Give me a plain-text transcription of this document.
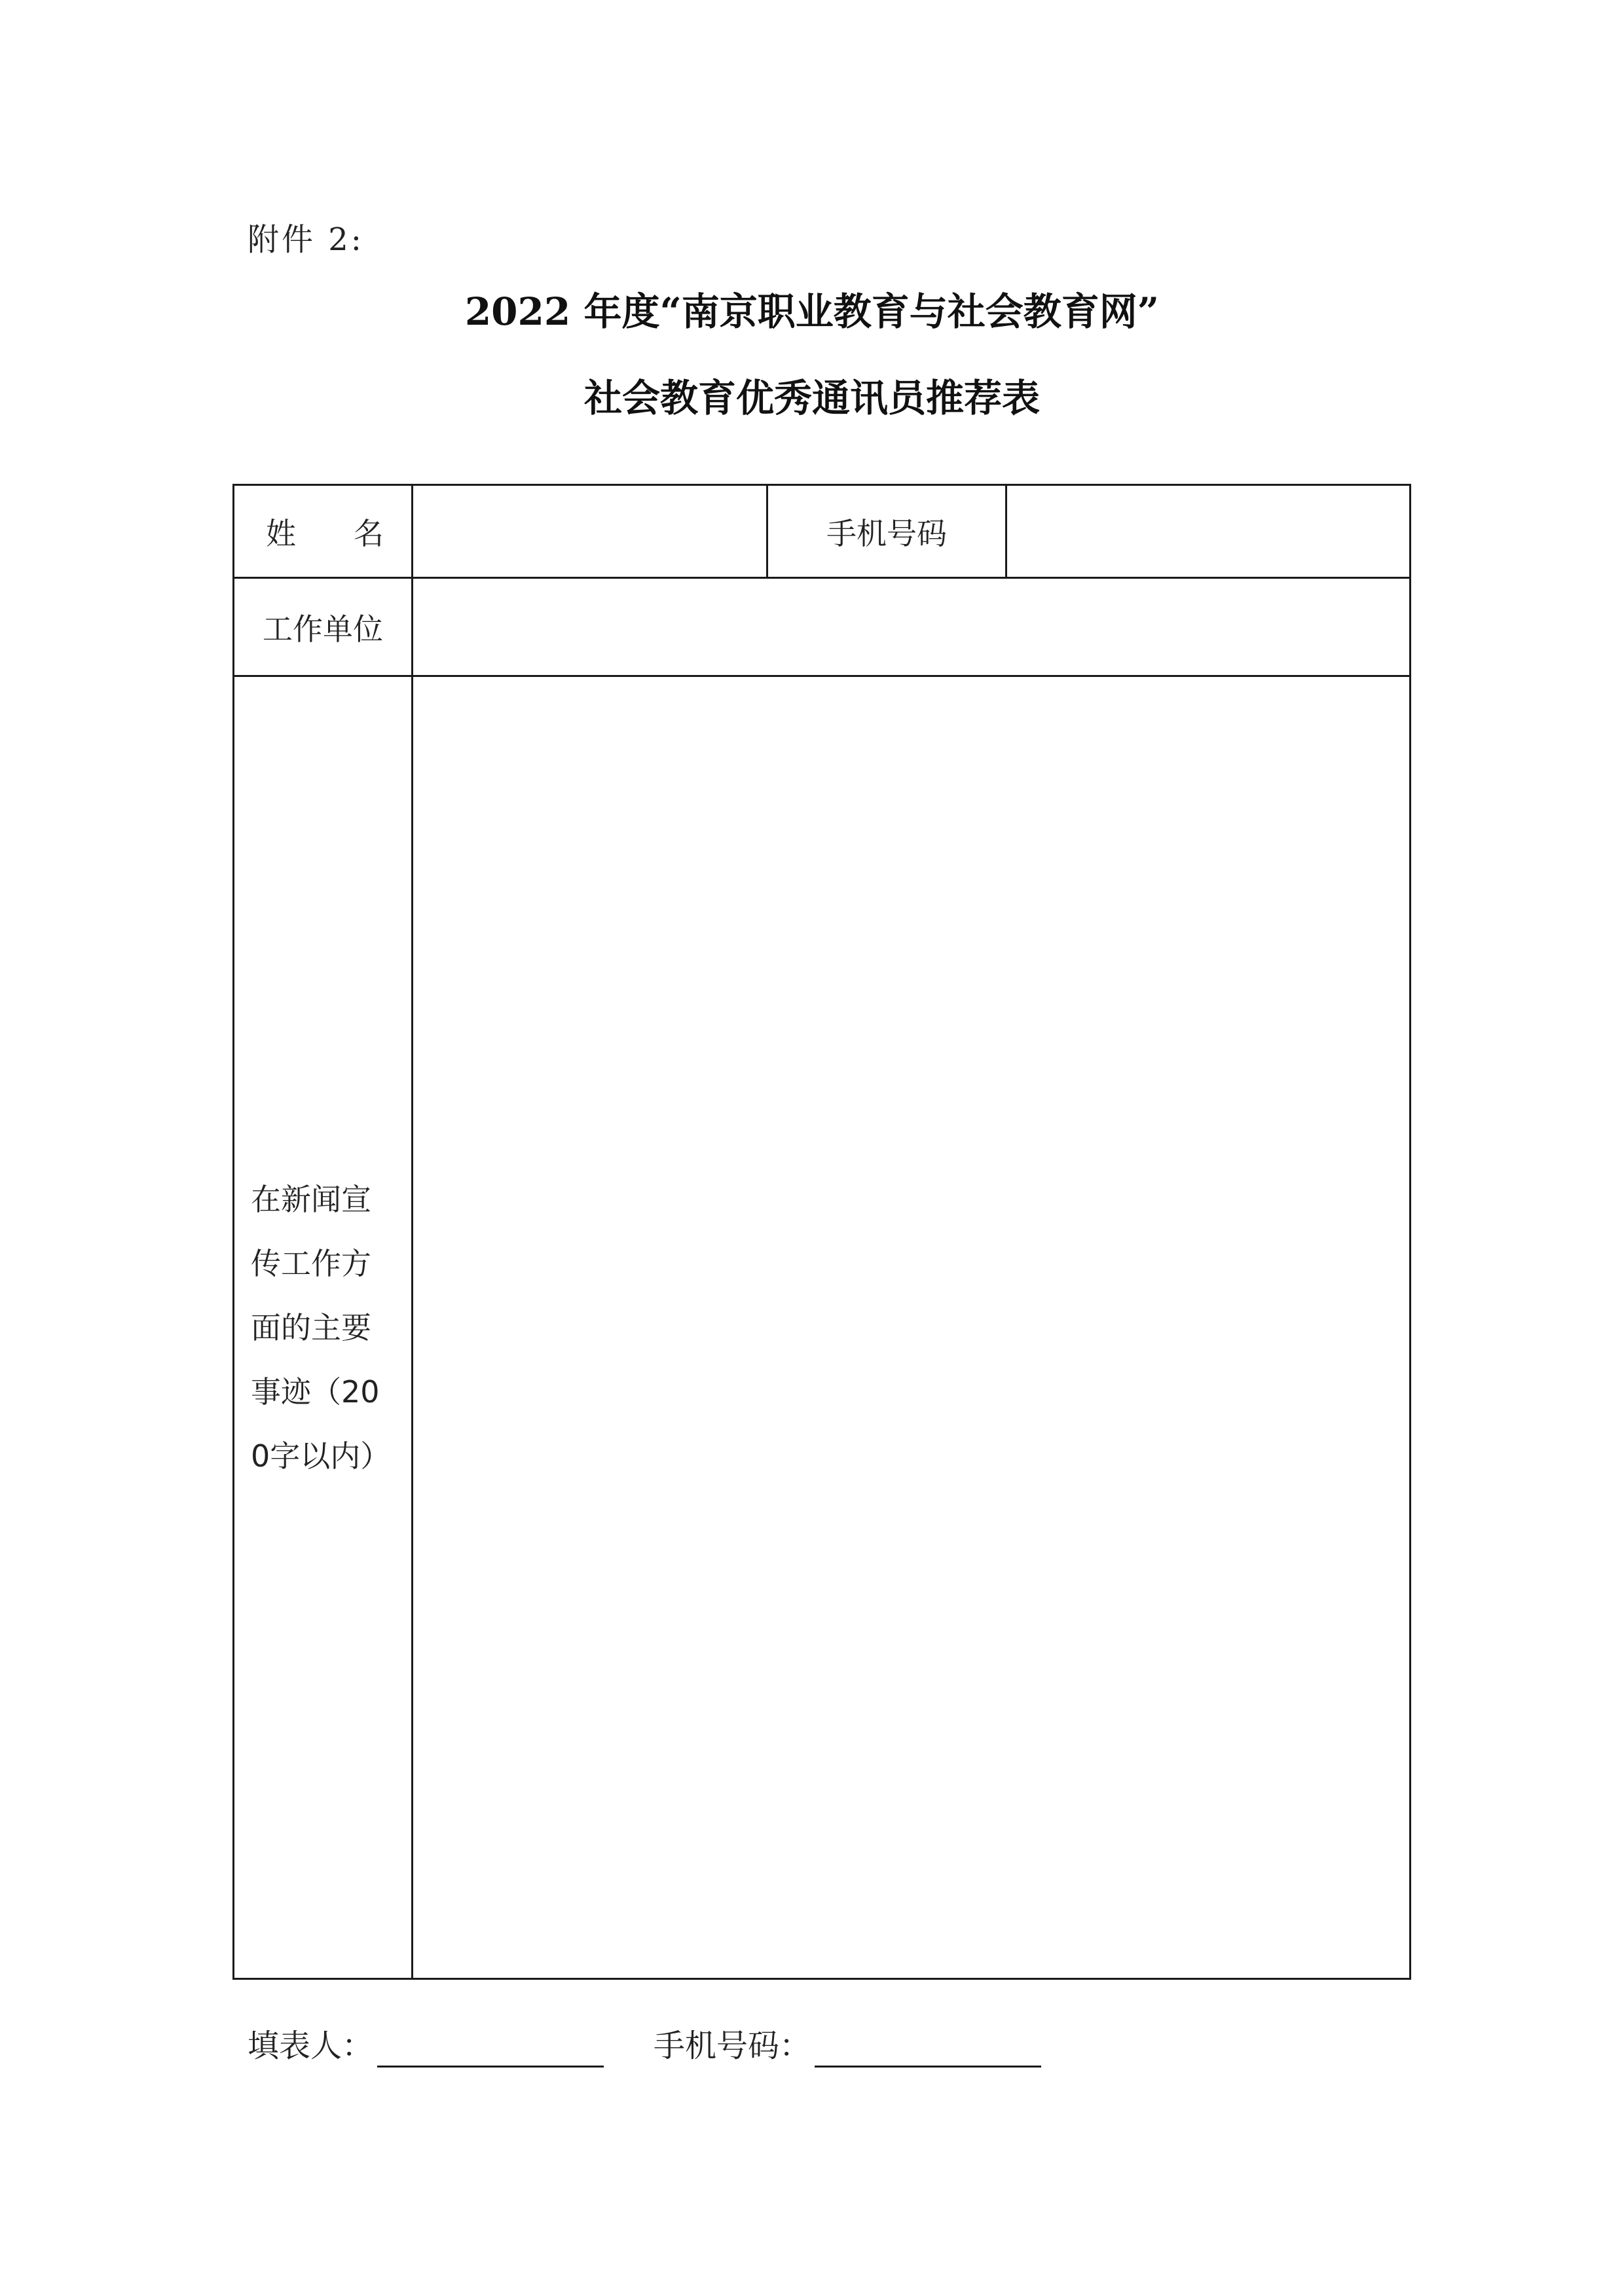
附件 2:
2022 年度“南京职业教育与社会教育网”
社会教育优秀通讯员推荐表
姓 名		手机号码	
工作单位			

在新闻宣传工作方面的主要事迹（200字以内）			

填表人：	手机号码：
